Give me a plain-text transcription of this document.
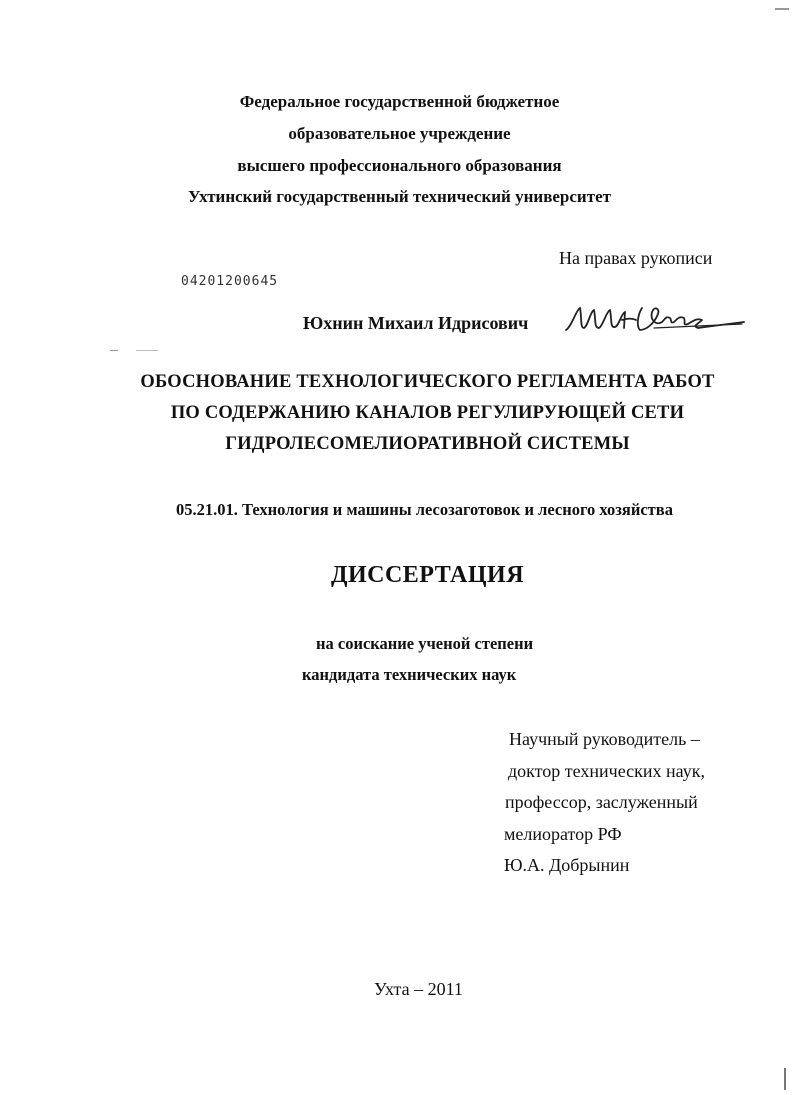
Федеральное государственной бюджетное
образовательное учреждение
высшего профессионального образования
Ухтинский государственный технический университет
На правах рукописи
04201200645
Юхнин Михаил Идрисович
ОБОСНОВАНИЕ ТЕХНОЛОГИЧЕСКОГО РЕГЛАМЕНТА РАБОТ
ПО СОДЕРЖАНИЮ КАНАЛОВ РЕГУЛИРУЮЩЕЙ СЕТИ
ГИДРОЛЕСОМЕЛИОРАТИВНОЙ СИСТЕМЫ
05.21.01. Технология и машины лесозаготовок и лесного хозяйства
ДИССЕРТАЦИЯ
на соискание ученой степени
кандидата технических наук
Научный руководитель –
доктор технических наук,
профессор, заслуженный
мелиоратор РФ
Ю.А. Добрынин
Ухта – 2011
